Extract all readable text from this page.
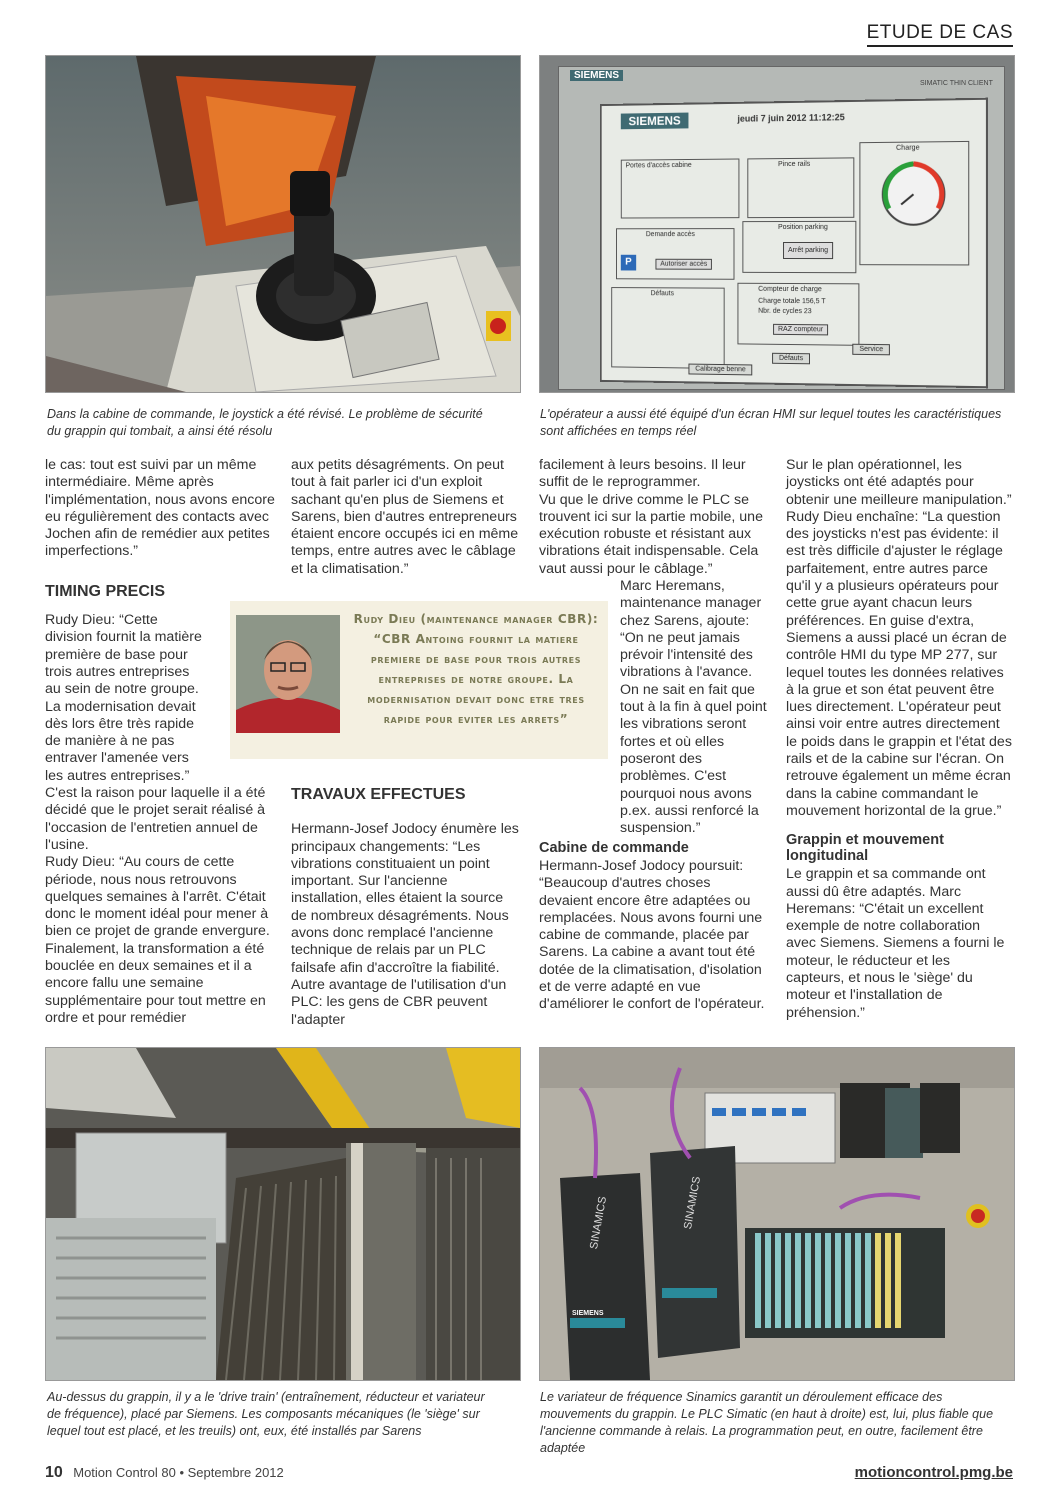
ETUDE DE CAS
SIEMENS
SIMATIC THIN CLIENT
SIEMENS	jeudi 7 juin 2012 11:12:25
Portes d'accès cabine	Pince rails
Charge
Demande accès
Autoriser accès
P
Position parking
Arrêt parking
Défauts
Compteur de charge
Charge totale 156,5 T
Nbr. de cycles 23
RAZ compteur
Calibrage benne
Défauts
Service
Dans la cabine de commande, le joystick a été révisé. Le problème de sécurité du grappin qui tombait, a ainsi été résolu
L'opérateur a aussi été équipé d'un écran HMI sur lequel toutes les caractéristiques sont affichées en temps réel

le cas: tout est suivi par un même intermédiaire. Même après l'implémentation, nous avons encore eu régulièrement des contacts avec Jochen afin de remédier aux petites imperfections.”

TIMING PRECIS

Rudy Dieu: “Cette division fournit la matière première de base pour trois autres entreprises au sein de notre groupe. La modernisation devait dès lors être très rapide de manière à ne pas entraver l'amenée vers les autres entreprises.”

C'est la raison pour laquelle il a été décidé que le projet serait réalisé à l'occasion de l'entretien annuel de l'usine.

Rudy Dieu: “Au cours de cette période, nous nous retrouvons quelques semaines à l'arrêt. C'était donc le moment idéal pour mener à bien ce projet de grande envergure. Finalement, la transformation a été bouclée en deux semaines et il a encore fallu une semaine supplémentaire pour tout mettre en ordre et pour remédier

aux petits désagréments. On peut tout à fait parler ici d'un exploit sachant qu'en plus de Siemens et Sarens, bien d'autres entrepreneurs étaient encore occupés ici en même temps, entre autres avec le câblage et la climatisation.”

Rudy Dieu (maintenance manager CBR): “CBR Antoing fournit la matiere premiere de base pour trois autres entreprises de notre groupe. La modernisation devait donc etre tres rapide pour eviter les arrets”
TRAVAUX EFFECTUES

Hermann-Josef Jodocy énumère les principaux changements: “Les vibrations constituaient un point important. Sur l'ancienne installation, elles étaient la source de nombreux désagréments. Nous avons donc remplacé l'ancienne technique de relais par un PLC failsafe afin d'accroître la fiabilité. Autre avantage de l'utilisation d'un PLC: les gens de CBR peuvent l'adapter

facilement à leurs besoins. Il leur suffit de le reprogrammer.

Vu que le drive comme le PLC se trouvent ici sur la partie mobile, une exécution robuste et résistant aux vibrations était indispensable. Cela vaut aussi pour le câblage.”

Marc Heremans, maintenance manager chez Sarens, ajoute: “On ne peut jamais prévoir l'intensité des vibrations à l'avance. On ne sait en fait que tout à la fin à quel point les vibrations seront fortes et où elles poseront des problèmes. C'est pourquoi nous avons p.ex. aussi renforcé la suspension.”

Cabine de commande

Hermann-Josef Jodocy poursuit: “Beaucoup d'autres choses devaient encore être adaptées ou remplacées. Nous avons fourni une cabine de commande, placée par Sarens. La cabine a avant tout été dotée de la climatisation, d'isolation et de verre adapté en vue d'améliorer le confort de l'opérateur.

Sur le plan opérationnel, les joysticks ont été adaptés pour obtenir une meilleure manipulation.” Rudy Dieu enchaîne: “La question des joysticks n'est pas évidente: il est très difficile d'ajuster le réglage parfaitement, entre autres parce qu'il y a plusieurs opérateurs pour cette grue ayant chacun leurs préférences. En guise d'extra, Siemens a aussi placé un écran de contrôle HMI du type MP 277, sur lequel toutes les données relatives à la grue et son état peuvent être lues directement. L'opérateur peut ainsi voir entre autres directement le poids dans le grappin et l'état des rails et de la cabine sur l'écran. On retrouve également un même écran dans la cabine commandant le mouvement horizontal de la grue.”

Grappin et mouvement longitudinal

Le grappin et sa commande ont aussi dû être adaptés. Marc Heremans: “C'était un excellent exemple de notre collaboration avec Siemens. Siemens a fourni le moteur, le réducteur et les capteurs, et nous le 'siège' du moteur et l'installation de préhension.”

SINAMICS	SINAMICS
SIEMENS
Au-dessus du grappin, il y a le 'drive train' (entraînement, réducteur et variateur de fréquence), placé par Siemens. Les composants mécaniques (le 'siège' sur lequel tout est placé, et les treuils) ont, eux, été installés par Sarens
Le variateur de fréquence Sinamics garantit un déroulement efficace des mouvements du grappin. Le PLC Simatic (en haut à droite) est, lui, plus fiable que l'ancienne commande à relais. La programmation peut, en outre, facilement être adaptée
10 Motion Control 80 • Septembre 2012	motioncontrol.pmg.be
